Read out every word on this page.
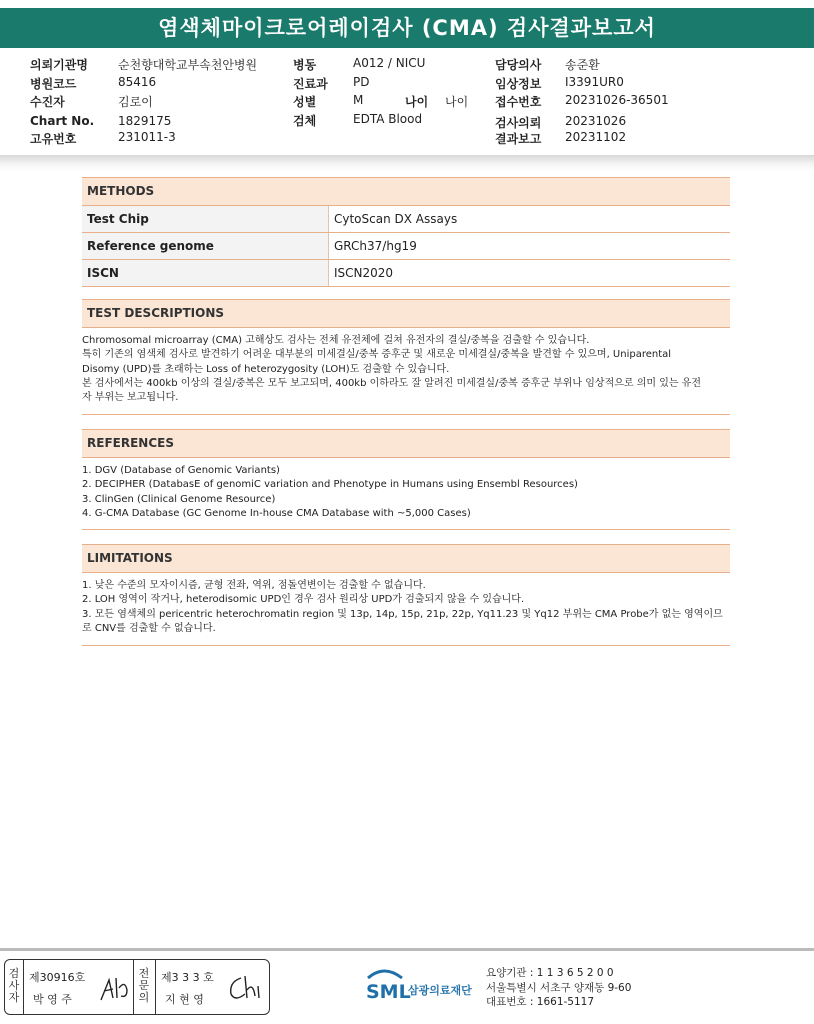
염색체마이크로어레이검사 (CMA) 검사결과보고서
의뢰기관명	순천향대학교부속천안병원
병원코드	85416
수진자	김로이
Chart No. 1829175
고유번호	231011-3
병동	A012 / NICU
진료과 PD
성별	M	나이 나이
검체	EDTA Blood
담당의사 송준환
임상정보 I3391UR0
접수번호 20231026-36501
검사의뢰 20231026
결과보고 20231102
METHODS
Test Chip	CytoScan DX Assays
Reference genome	GRCh37/hg19
ISCN	ISCN2020
TEST DESCRIPTIONS
Chromosomal microarray (CMA) 고해상도 검사는 전체 유전체에 걸쳐 유전자의 결실/중복을 검출할 수 있습니다.
특히 기존의 염색체 검사로 발견하기 어려운 대부분의 미세결실/중복 증후군 및 새로운 미세결실/중복을 발견할 수 있으며, Uniparental
Disomy (UPD)를 초래하는 Loss of heterozygosity (LOH)도 검출할 수 있습니다.
본 검사에서는 400kb 이상의 결실/중복은 모두 보고되며, 400kb 이하라도 잘 알려진 미세결실/중복 증후군 부위나 임상적으로 의미 있는 유전
자 부위는 보고됩니다.
REFERENCES
1. DGV (Database of Genomic Variants)
2. DECIPHER (DatabasE of genomiC variation and Phenotype in Humans using Ensembl Resources)
3. ClinGen (Clinical Genome Resource)
4. G-CMA Database (GC Genome In-house CMA Database with ~5,000 Cases)
LIMITATIONS
1. 낮은 수준의 모자이시즘, 균형 전좌, 역위, 점돌연변이는 검출할 수 없습니다.
2. LOH 영역이 작거나, heterodisomic UPD인 경우 검사 원리상 UPD가 검출되지 않을 수 있습니다.
3. 모든 염색체의 pericentric heterochromatin region 및 13p, 14p, 15p, 21p, 22p, Yq11.23 및 Yq12 부위는 CMA Probe가 없는 영역이므
로 CNV를 검출할 수 없습니다.
검사자
제30916호
박 영 주
전문의
제3 3 3 호
지 현 영	SML
삼광의료재단
요양기관 : 1 1 3 6 5 2 0 0
서울특별시 서초구 양재동 9-60
대표번호 : 1661-5117
